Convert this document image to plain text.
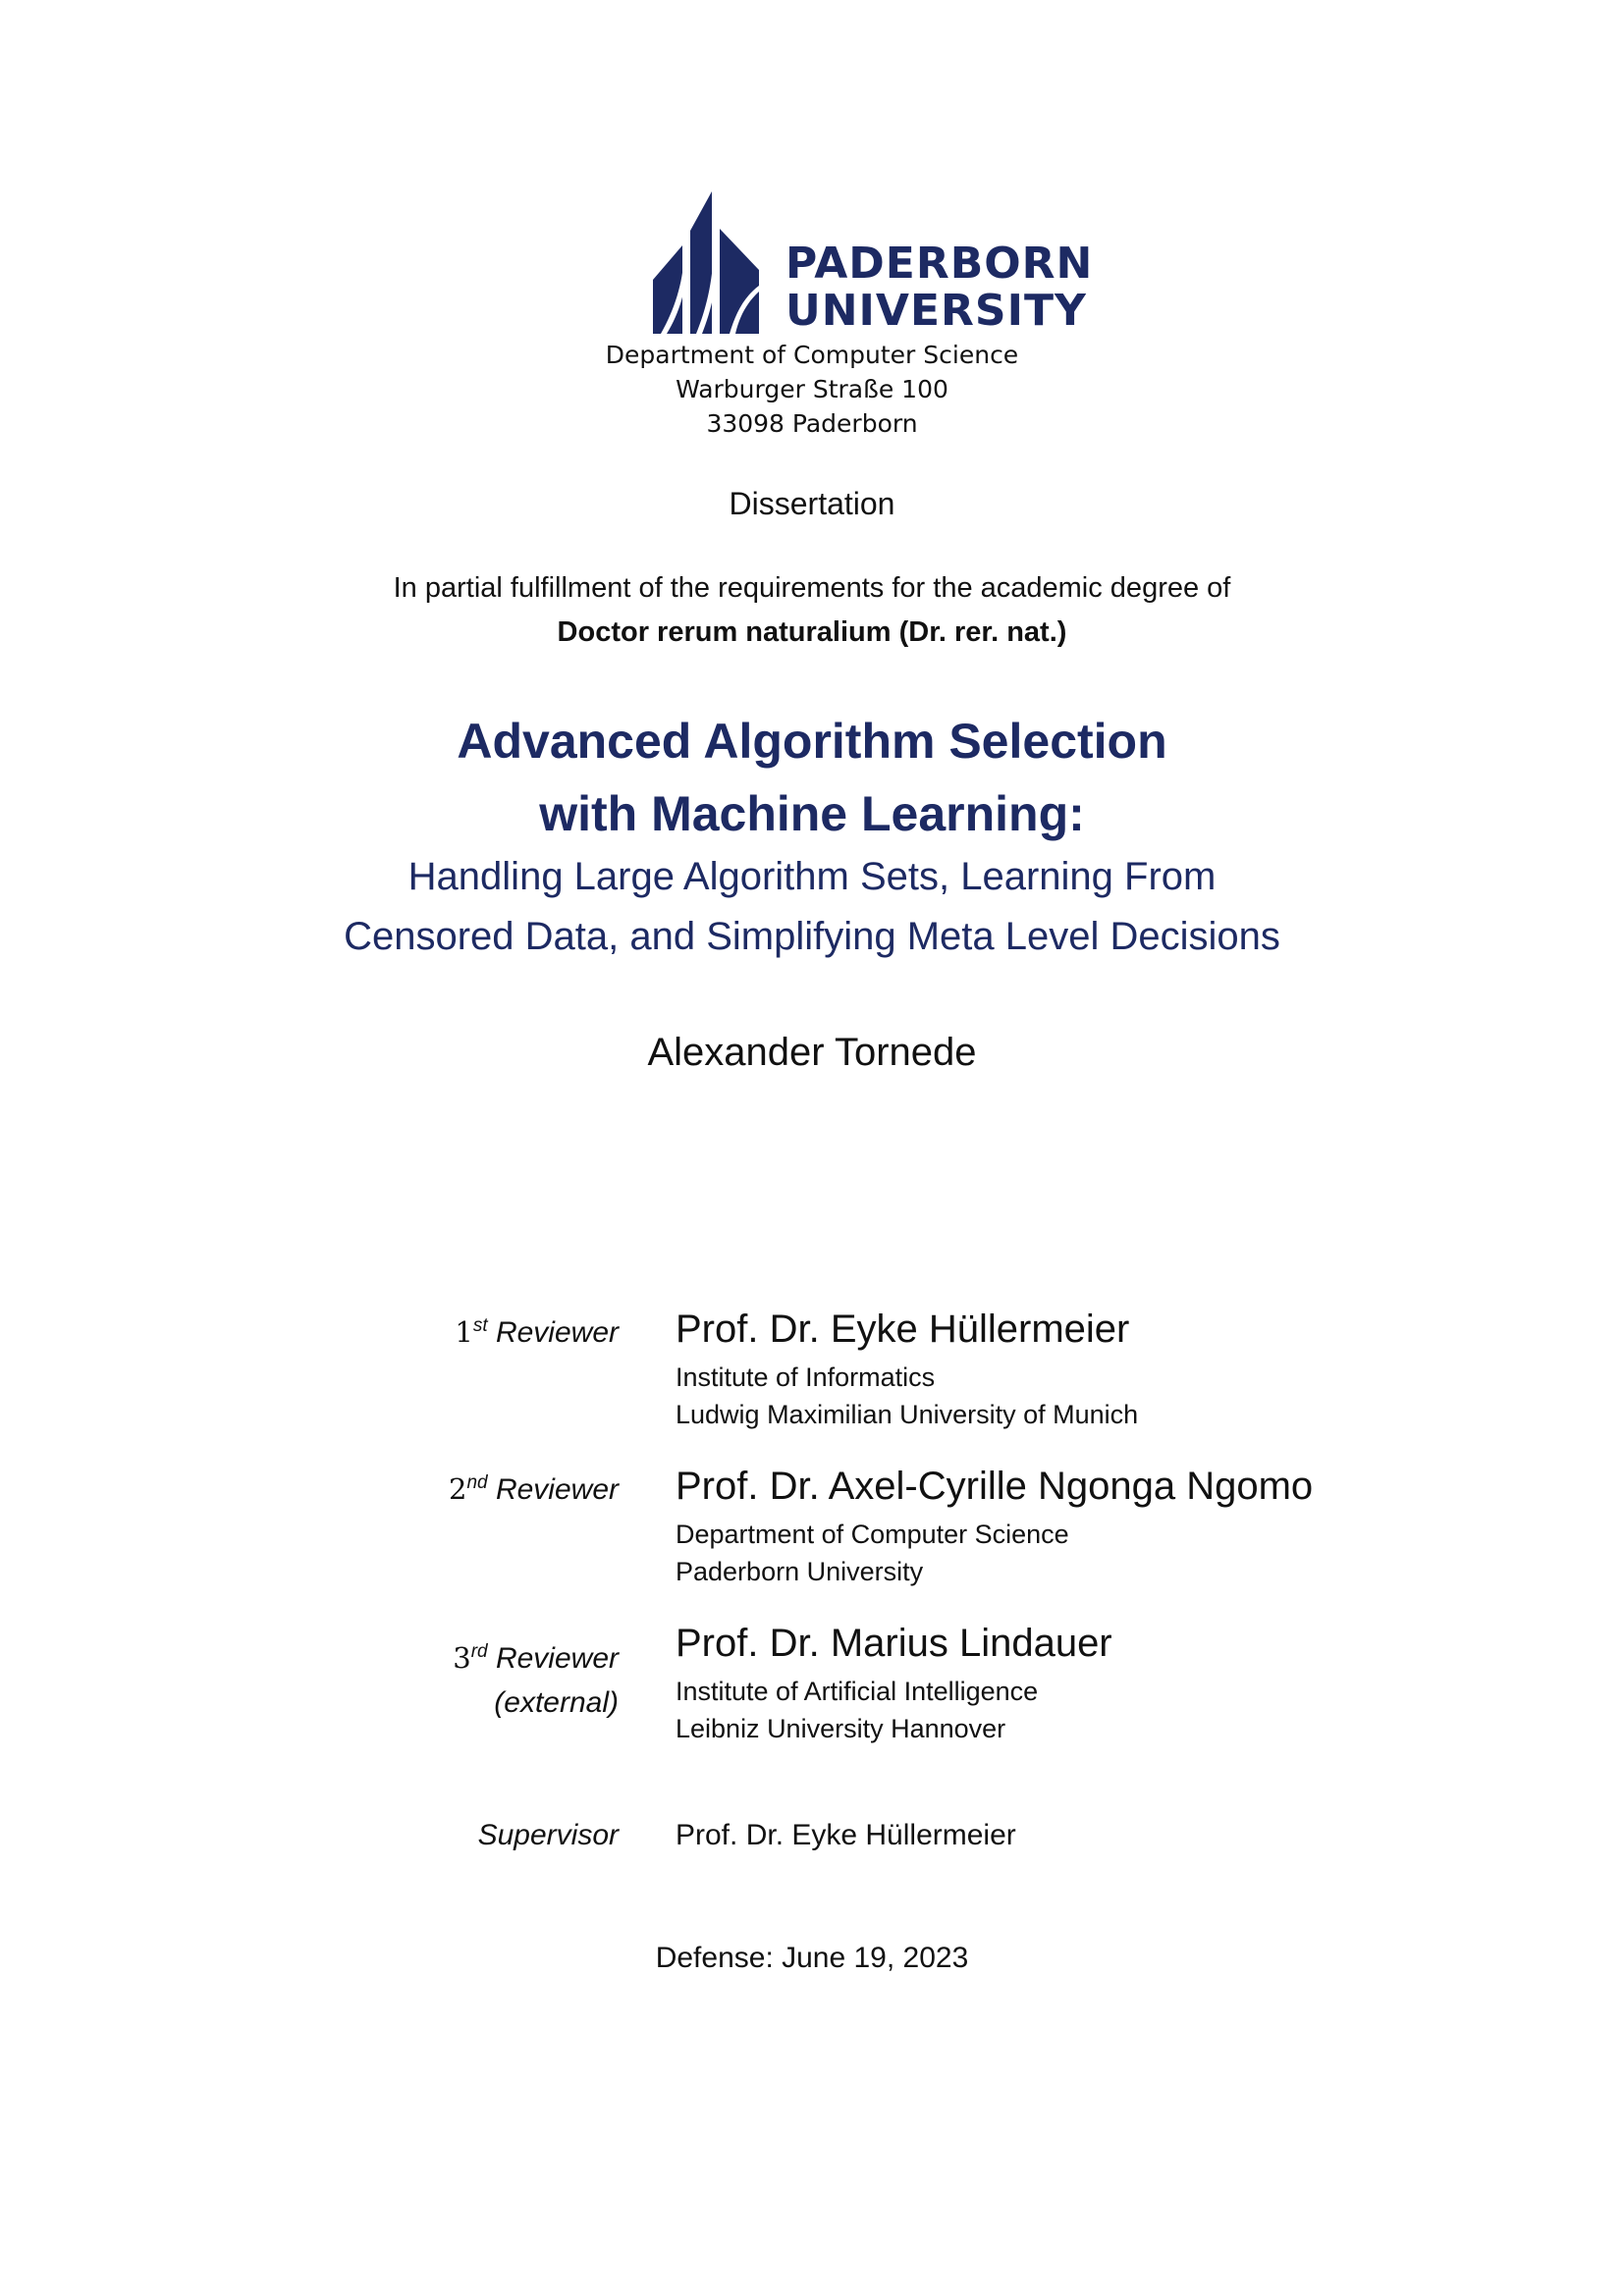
PADERBORN
UNIVERSITY
Department of Computer Science
Warburger Straße 100
33098 Paderborn
Dissertation
In partial fulfillment of the requirements for the academic degree of
Doctor rerum naturalium (Dr. rer. nat.)
Advanced Algorithm Selection
with Machine Learning:
Handling Large Algorithm Sets, Learning From
Censored Data, and Simplifying Meta Level Decisions
Alexander Tornede
1st Reviewer Prof. Dr. Eyke Hüllermeier
Institute of Informatics
Ludwig Maximilian University of Munich
2nd Reviewer Prof. Dr. Axel-Cyrille Ngonga Ngomo
Department of Computer Science
Paderborn University
3rd Reviewer
(external)
Prof. Dr. Marius Lindauer
Institute of Artificial Intelligence
Leibniz University Hannover
Supervisor Prof. Dr. Eyke Hüllermeier
Defense: June 19, 2023
